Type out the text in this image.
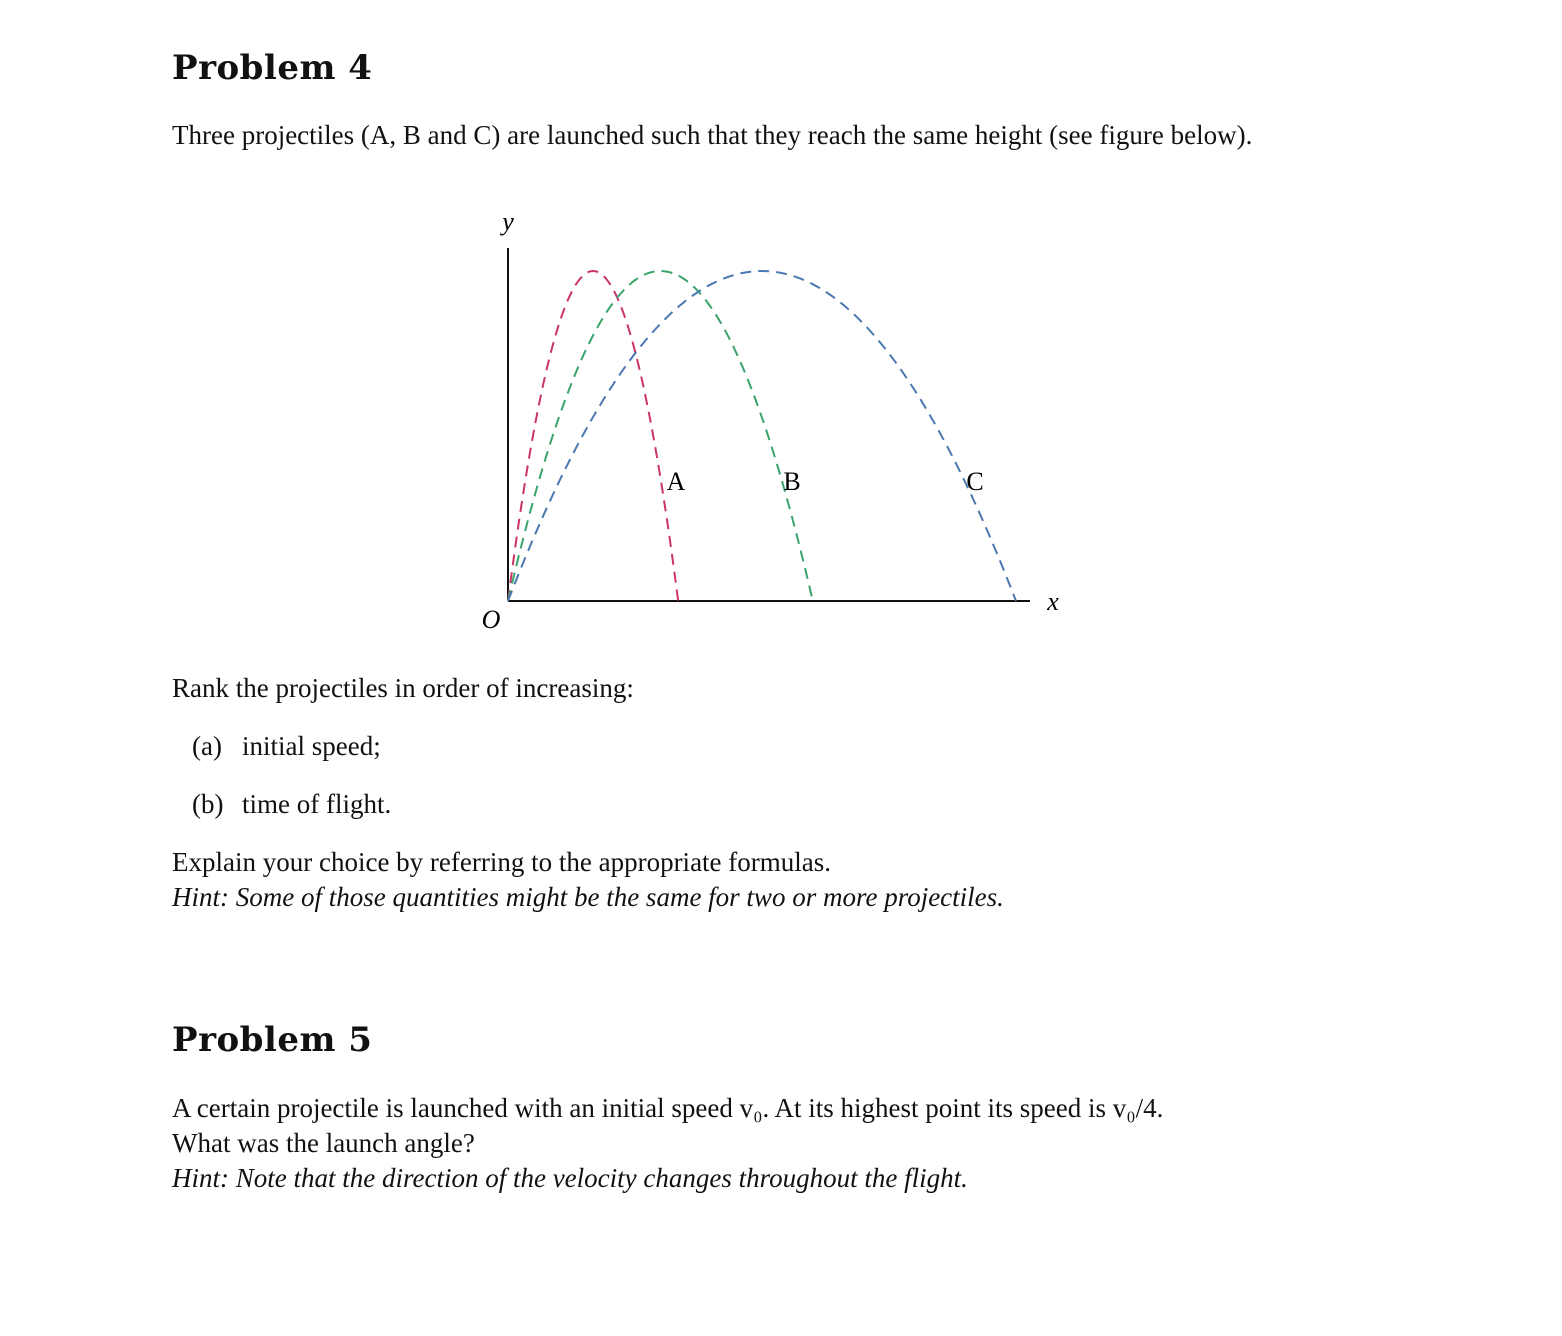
Problem 4

Three projectiles (A, B and C) are launched such that they reach the same height (see figure below).

y
x
O
A	B	C

Rank the projectiles in order of increasing:

(a) initial speed;
(b) time of flight.

Explain your choice by referring to the appropriate formulas.

Hint: Some of those quantities might be the same for two or more projectiles.

Problem 5

A certain projectile is launched with an initial speed v₀. At its highest point its speed is v₀/4.

What was the launch angle?

Hint: Note that the direction of the velocity changes throughout the flight.
